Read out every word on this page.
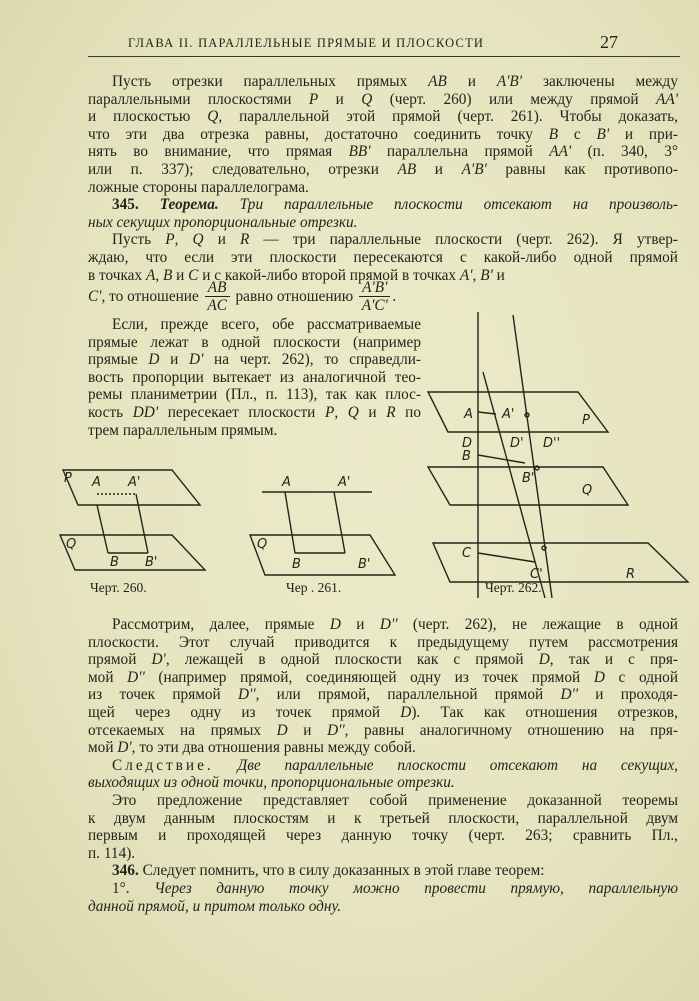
ГЛАВА II. ПАРАЛЛЕЛЬНЫЕ ПРЯМЫЕ И ПЛОСКОСТИ	27
Пусть отрезки параллельных прямых AB и A'B' заключены между
параллельными плоскостями P и Q (черт. 260) или между прямой AA'
и плоскостью Q, параллельной этой прямой (черт. 261). Чтобы доказать,
что эти два отрезка равны, достаточно соединить точку B с B' и при-
нять во внимание, что прямая BB' параллельна прямой AA' (п. 340, 3°
или п. 337); следовательно, отрезки AB и A'B' равны как противопо-
ложные стороны параллелограма.
345. Теорема. Три параллельные плоскости отсекают на произволь-
ных секущих пропорциональные отрезки.
Пусть P, Q и R — три параллельные плоскости (черт. 262). Я утвер-
ждаю, что если эти плоскости пересекаются с какой-либо одной прямой
в точках A, B и C и с какой-либо второй прямой в точках A', B' и
C' , то отношение $\frac{AB}{AC}$ равно отношению $\frac{A'B'}{A'C'}$ .
Если, прежде всего, обе рассматриваемые
прямые лежат в одной плоскости (например
прямые D и D' на черт. 262), то справедли-
вость пропорции вытекает из аналогичной тео-
ремы планиметрии (Пл., п. 113), так как плос-
кость DD' пересекает плоскости P, Q и R по
трем параллельным прямым.
P A A'
Q
B B'
A	A'
Q
B	B'
A A'	P
D	D' D''
B
B'
Q
C
C'	R
Черт. 260.	Чер . 261.	Черт. 262.
Рассмотрим, далее, прямые D и D'' (черт. 262), не лежащие в одной
плоскости. Этот случай приводится к предыдущему путем рассмотрения
прямой D', лежащей в одной плоскости как с прямой D, так и с пря-
мой D'' (например прямой, соединяющей одну из точек прямой D с одной
из точек прямой D'', или прямой, параллельной прямой D'' и проходя-
щей через одну из точек прямой D). Так как отношения отрезков,
отсекаемых на прямых D и D'', равны аналогичному отношению на пря-
мой D', то эти два отношения равны между собой.
Следствие. Две параллельные плоскости отсекают на секущих,
выходящих из одной точки, пропорциональные отрезки.
Это предложение представляет собой применение доказанной теоремы
к двум данным плоскостям и к третьей плоскости, параллельной двум
первым и проходящей через данную точку (черт. 263; сравнить Пл.,
п. 114).
346. Следует помнить, что в силу доказанных в этой главе теорем:
1°. Через данную точку можно провести прямую, параллельную
данной прямой, и притом только одну.
